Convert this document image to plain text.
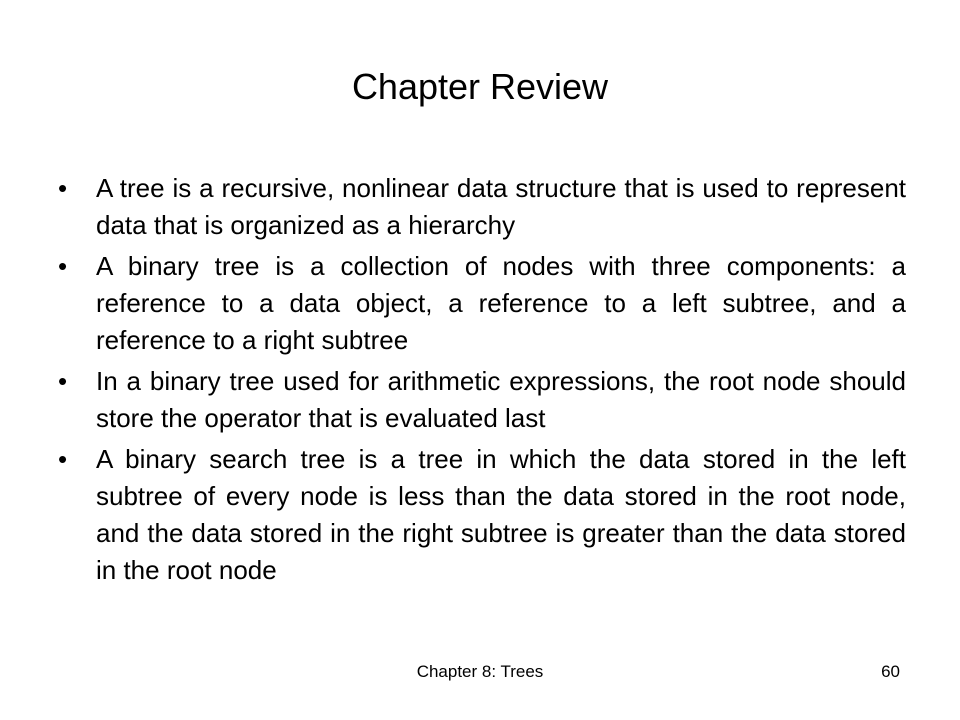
Chapter Review
•	A tree is a recursive, nonlinear data structure that is used to represent data that is organized as a hierarchy
•	A binary tree is a collection of nodes with three components: a reference to a data object, a reference to a left subtree, and a reference to a right subtree
•	In a binary tree used for arithmetic expressions, the root node should store the operator that is evaluated last
•	A binary search tree is a tree in which the data stored in the left subtree of every node is less than the data stored in the root node, and the data stored in the right subtree is greater than the data stored in the root node
Chapter 8: Trees	60
